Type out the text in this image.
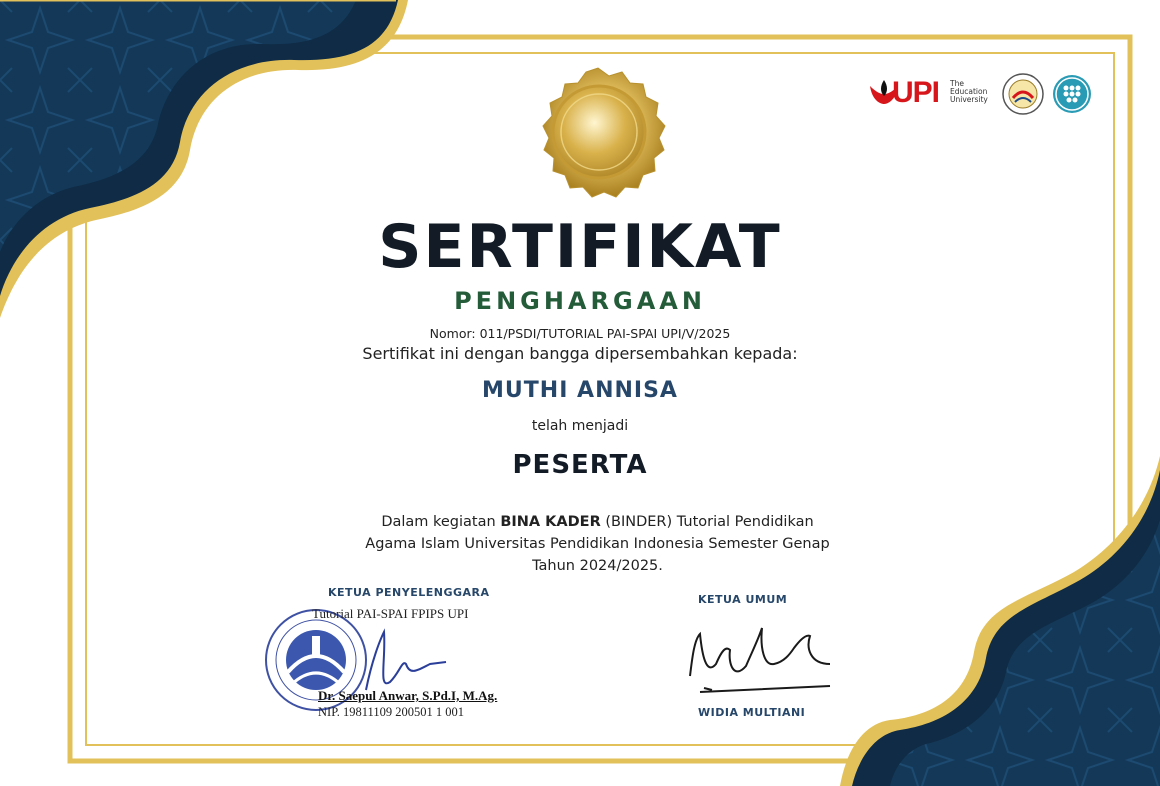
UPI The
Education
University
SERTIFIKAT
PENGHARGAAN
Nomor: 011/PSDI/TUTORIAL PAI-SPAI UPI/V/2025
Sertifikat ini dengan bangga dipersembahkan kepada:
MUTHI ANNISA
telah menjadi
PESERTA
Dalam kegiatan BINA KADER (BINDER) Tutorial Pendidikan Agama Islam Universitas Pendidikan Indonesia Semester Genap Tahun 2024/2025.
KETUA PENYELENGGARA
Tutorial PAI-SPAI FPIPS UPI
Dr. Saepul Anwar, S.Pd.I, M.Ag.
NIP. 19811109 200501 1 001
KETUA UMUM
WIDIA MULTIANI
